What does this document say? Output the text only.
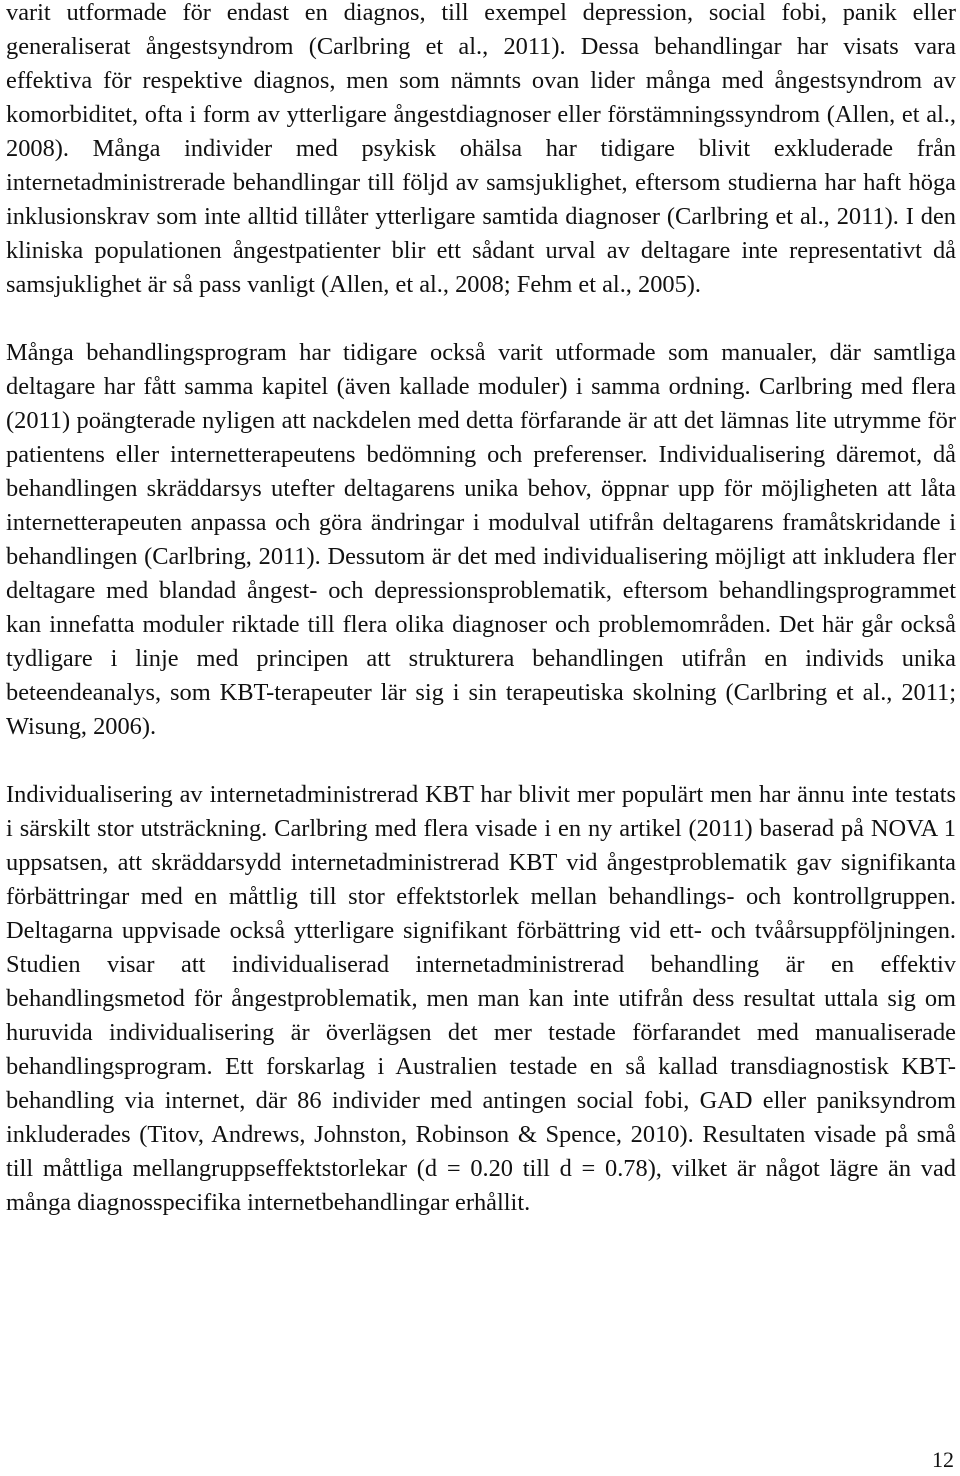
varit utformade för endast en diagnos, till exempel depression, social fobi, panik eller generaliserat ångestsyndrom (Carlbring et al., 2011). Dessa behandlingar har visats vara effektiva för respektive diagnos, men som nämnts ovan lider många med ångestsyndrom av komorbiditet, ofta i form av ytterligare ångestdiagnoser eller förstämningssyndrom (Allen, et al., 2008). Många individer med psykisk ohälsa har tidigare blivit exkluderade från internetadministrerade behandlingar till följd av samsjuklighet, eftersom studierna har haft höga inklusionskrav som inte alltid tillåter ytterligare samtida diagnoser (Carlbring et al., 2011). I den kliniska populationen ångestpatienter blir ett sådant urval av deltagare inte representativt då samsjuklighet är så pass vanligt (Allen, et al., 2008; Fehm et al., 2005).

Många behandlingsprogram har tidigare också varit utformade som manualer, där samtliga deltagare har fått samma kapitel (även kallade moduler) i samma ordning. Carlbring med flera (2011) poängterade nyligen att nackdelen med detta förfarande är att det lämnas lite utrymme för patientens eller internetterapeutens bedömning och preferenser. Individualisering däremot, då behandlingen skräddarsys utefter deltagarens unika behov, öppnar upp för möjligheten att låta internetterapeuten anpassa och göra ändringar i modulval utifrån deltagarens framåtskridande i behandlingen (Carlbring, 2011). Dessutom är det med individualisering möjligt att inkludera fler deltagare med blandad ångest- och depressionsproblematik, eftersom behandlingsprogrammet kan innefatta moduler riktade till flera olika diagnoser och problemområden. Det här går också tydligare i linje med principen att strukturera behandlingen utifrån en individs unika beteendeanalys, som KBT-terapeuter lär sig i sin terapeutiska skolning (Carlbring et al., 2011; Wisung, 2006).

Individualisering av internetadministrerad KBT har blivit mer populärt men har ännu inte testats i särskilt stor utsträckning. Carlbring med flera visade i en ny artikel (2011) baserad på NOVA 1 uppsatsen, att skräddarsydd internetadministrerad KBT vid ångestproblematik gav signifikanta förbättringar med en måttlig till stor effektstorlek mellan behandlings- och kontrollgruppen. Deltagarna uppvisade också ytterligare signifikant förbättring vid ett- och tvåårsuppföljningen. Studien visar att individualiserad internetadministrerad behandling är en effektiv behandlingsmetod för ångestproblematik, men man kan inte utifrån dess resultat uttala sig om huruvida individualisering är överlägsen det mer testade förfarandet med manualiserade behandlingsprogram. Ett forskarlag i Australien testade en så kallad transdiagnostisk KBT-behandling via internet, där 86 individer med antingen social fobi, GAD eller paniksyndrom inkluderades (Titov, Andrews, Johnston, Robinson & Spence, 2010). Resultaten visade på små till måttliga mellangruppseffektstorlekar (d = 0.20 till d = 0.78), vilket är något lägre än vad många diagnosspecifika internetbehandlingar erhållit.

12
